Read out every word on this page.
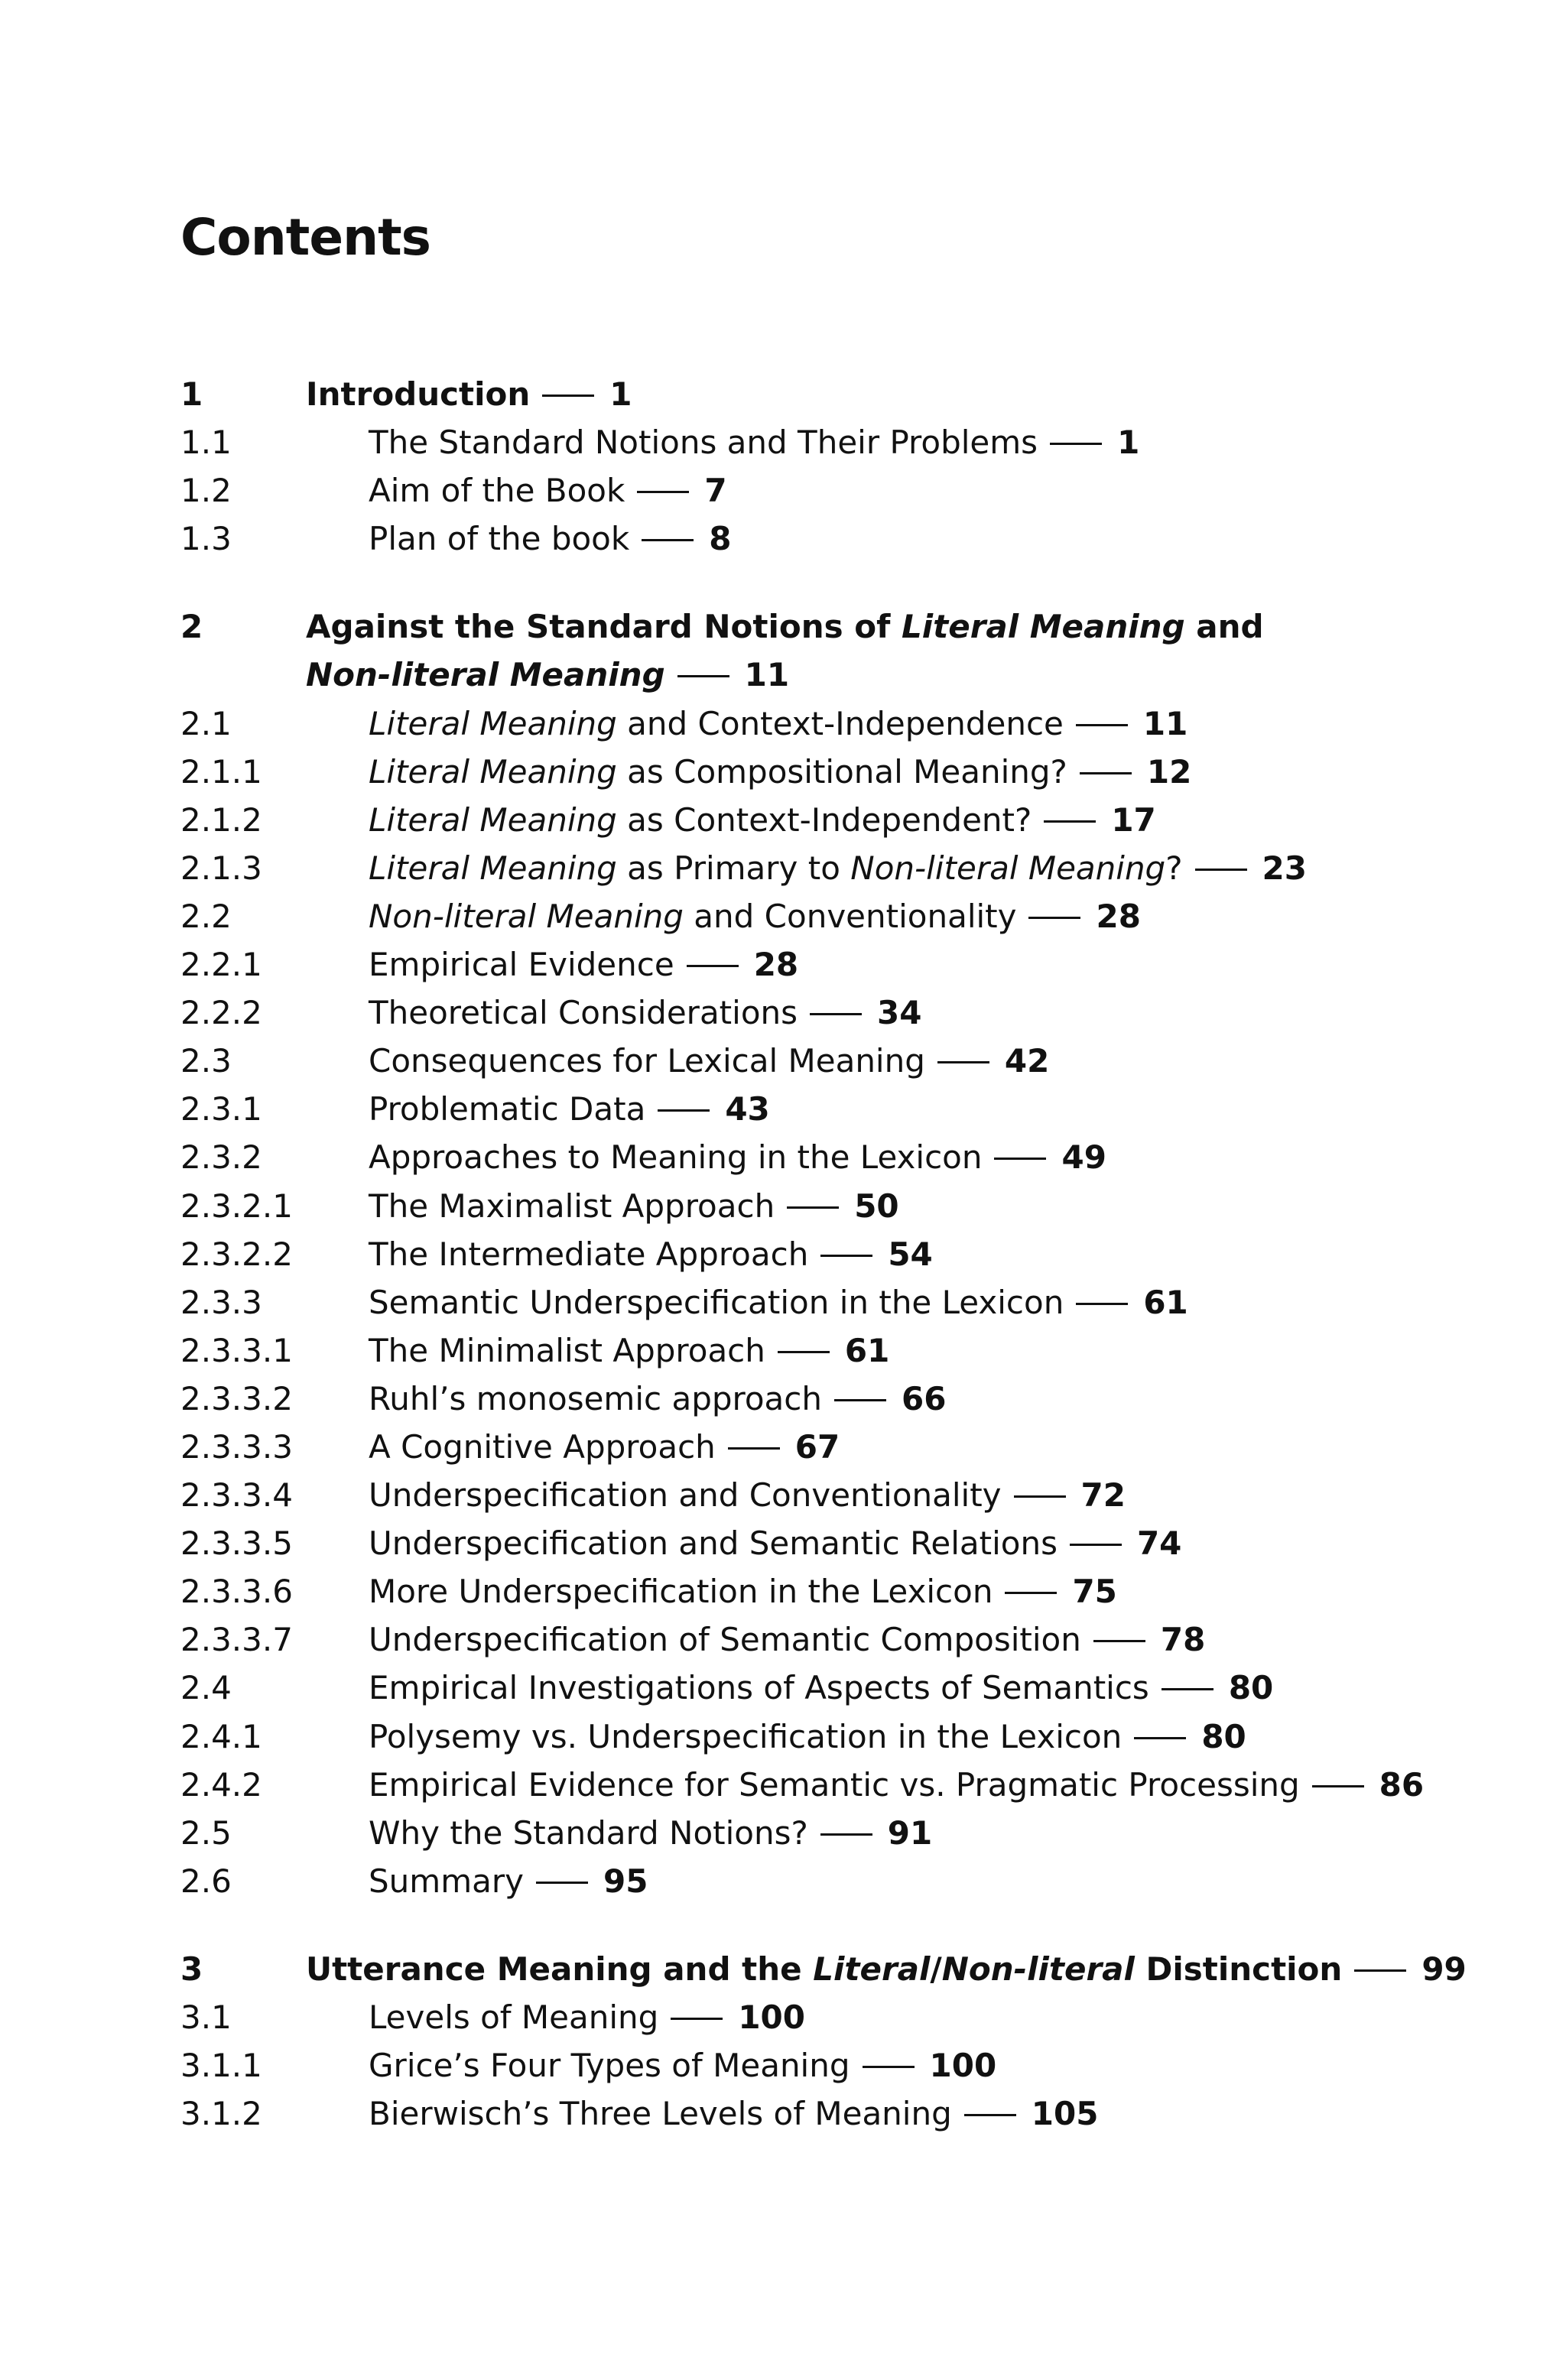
Contents
1	Introduction 1
1.1	The Standard Notions and Their Problems 1
1.2	Aim of the Book 7
1.3	Plan of the book 8
2	Against the Standard Notions of Literal Meaning and
Non-literal Meaning 11
2.1	Literal Meaning and Context-Independence 11
2.1.1	Literal Meaning as Compositional Meaning? 12
2.1.2	Literal Meaning as Context-Independent? 17
2.1.3	Literal Meaning as Primary to Non-literal Meaning ? 23
2.2	Non-literal Meaning and Conventionality 28
2.2.1	Empirical Evidence 28
2.2.2	Theoretical Considerations 34
2.3	Consequences for Lexical Meaning 42
2.3.1	Problematic Data 43
2.3.2	Approaches to Meaning in the Lexicon 49
2.3.2.1	The Maximalist Approach 50
2.3.2.2	The Intermediate Approach 54
2.3.3	Semantic Underspecification in the Lexicon 61
2.3.3.1	The Minimalist Approach 61
2.3.3.2	Ruhl’s monosemic approach 66
2.3.3.3	A Cognitive Approach 67
2.3.3.4	Underspecification and Conventionality 72
2.3.3.5	Underspecification and Semantic Relations 74
2.3.3.6	More Underspecification in the Lexicon 75
2.3.3.7	Underspecification of Semantic Composition 78
2.4	Empirical Investigations of Aspects of Semantics 80
2.4.1	Polysemy vs. Underspecification in the Lexicon 80
2.4.2	Empirical Evidence for Semantic vs. Pragmatic Processing 86
2.5	Why the Standard Notions? 91
2.6	Summary 95
3	Utterance Meaning and the Literal / Non-literal Distinction 99
3.1	Levels of Meaning 100
3.1.1	Grice’s Four Types of Meaning 100
3.1.2	Bierwisch’s Three Levels of Meaning 105
